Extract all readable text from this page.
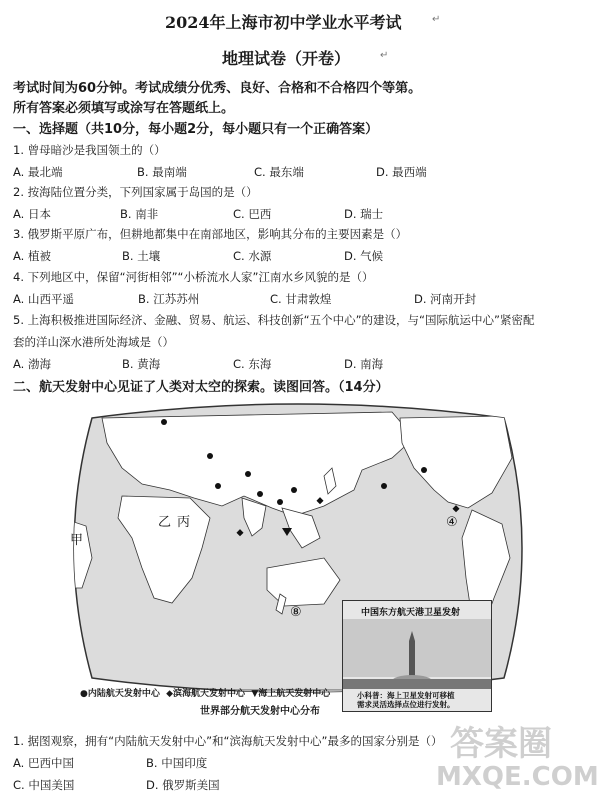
2024年上海市初中学业水平考试	↵
地理试卷（开卷）	↵
考试时间为60分钟。考试成绩分优秀、良好、合格和不合格四个等第。
所有答案必须填写或涂写在答题纸上。
一、选择题（共10分，每小题2分，每小题只有一个正确答案）
1. 曾母暗沙是我国领土的（）
A. 最北端	B. 最南端	C. 最东端	D. 最西端
2. 按海陆位置分类，下列国家属于岛国的是（）
A. 日本	B. 南非	C. 巴西	D. 瑞士
3. 俄罗斯平原广布，但耕地都集中在南部地区，影响其分布的主要因素是（）
A. 植被	B. 土壤	C. 水源	D. 气候
4. 下列地区中，保留“河街相邻”“小桥流水人家”江南水乡风貌的是（）
A. 山西平遥	B. 江苏苏州	C. 甘肃敦煌	D. 河南开封
5. 上海积极推进国际经济、金融、贸易、航运、科技创新“五个中心”的建设，与“国际航运中心”紧密配
套的洋山深水港所处海域是（）
A. 渤海	B. 黄海	C. 东海	D. 南海
二、航天发射中心见证了人类对太空的探索。读图回答。（14分）
乙 丙
甲
④
⑧
●内陆航天发射中心 ◆滨海航天发射中心 ▼海上航天发射中心
世界部分航天发射中心分布
中国东方航天港卫星发射
小科普：海上卫星发射可移植
需求灵活选择点位进行发射。
1. 据图观察，拥有“内陆航天发射中心”和“滨海航天发射中心”最多的国家分别是（）
A. 巴西中国	B. 中国印度
C. 中国美国	D. 俄罗斯美国
答案圈
MXQE.COM
